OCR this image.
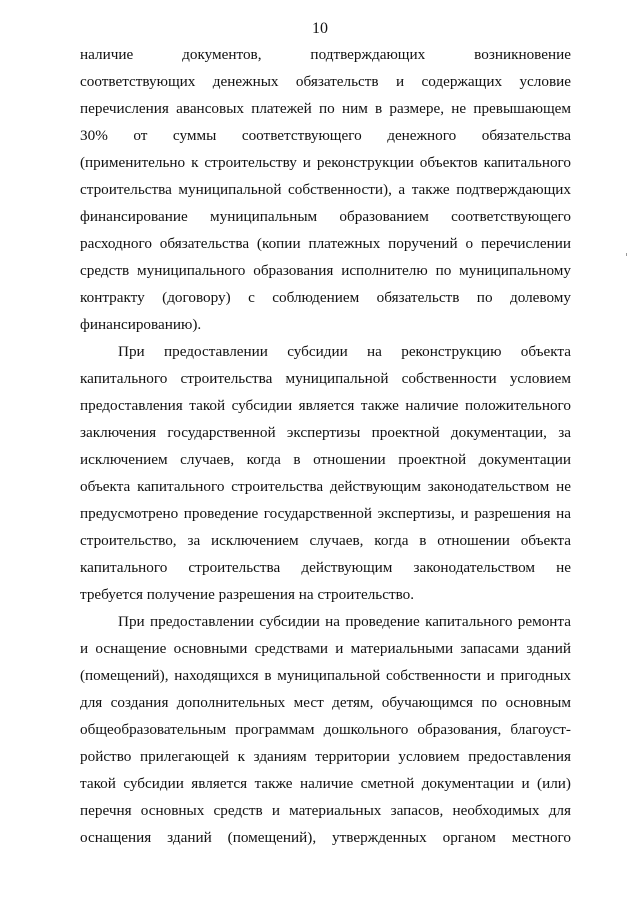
10
наличие документов, подтверждающих возникновение
соответствующих денежных обязательств и содержащих условие
перечисления авансовых платежей по ним в размере, не превышающем
30% от суммы соответствующего денежного обязательства
(применительно к строительству и реконструкции объектов капитального
строительства муниципальной собственности), а также подтверждающих
финансирование муниципальным образованием соответствующего
расходного обязательства (копии платежных поручений о перечислении
средств муниципального образования исполнителю по муниципальному
контракту (договору) с соблюдением обязательств по долевому
финансированию).
При предоставлении субсидии на реконструкцию объекта
капитального строительства муниципальной собственности условием
предоставления такой субсидии является также наличие положительного
заключения государственной экспертизы проектной документации, за
исключением случаев, когда в отношении проектной документации
объекта капитального строительства действующим законодательством не
предусмотрено проведение государственной экспертизы, и разрешения на
строительство, за исключением случаев, когда в отношении объекта
капитального строительства действующим законодательством не
требуется получение разрешения на строительство.
При предоставлении субсидии на проведение капитального ремонта
и оснащение основными средствами и материальными запасами зданий
(помещений), находящихся в муниципальной собственности и пригодных
для создания дополнительных мест детям, обучающимся по основным
общеобразовательным программам дошкольного образования, благоуст-
ройство прилегающей к зданиям территории условием предоставления
такой субсидии является также наличие сметной документации и (или)
перечня основных средств и материальных запасов, необходимых для
оснащения зданий (помещений), утвержденных органом местного
